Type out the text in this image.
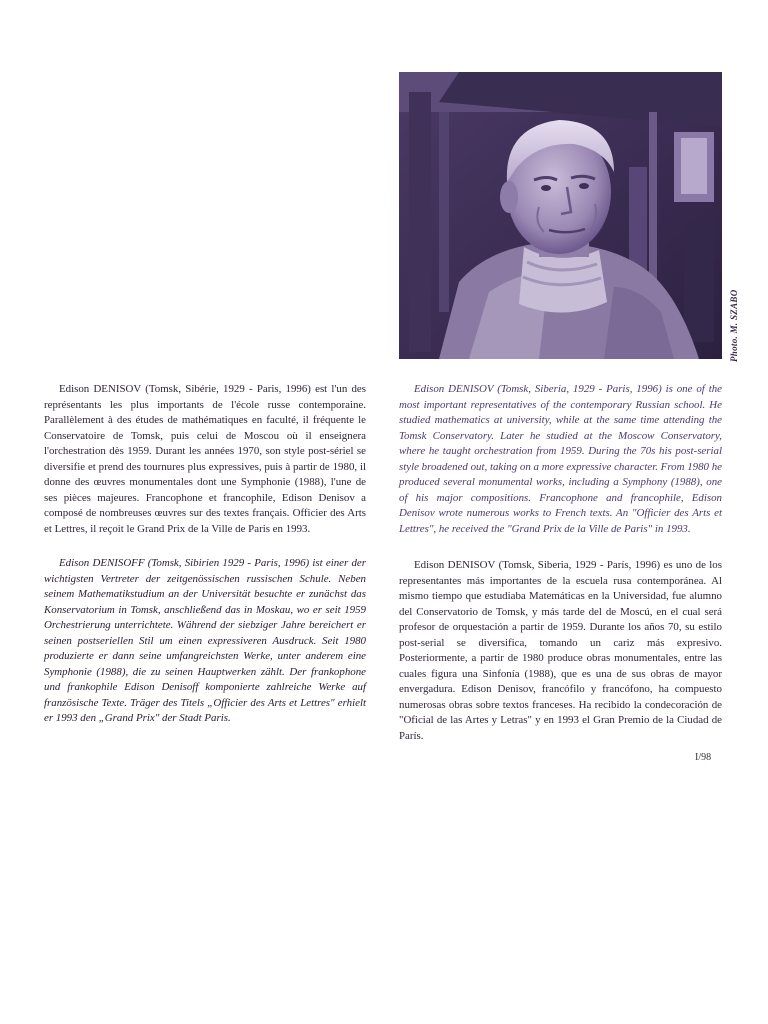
Photo. M. SZABO

Edison DENISOV (Tomsk, Sibérie, 1929 - Paris, 1996) est l'un des représentants les plus importants de l'école russe contemporaine. Parallèlement à des études de mathématiques en faculté, il fréquente le Conservatoire de Tomsk, puis celui de Moscou où il enseignera l'orchestration dès 1959. Durant les années 1970, son style post-sériel se diversifie et prend des tournures plus expressives, puis à partir de 1980, il donne des œuvres monumentales dont une Symphonie (1988), l'une de ses pièces majeures. Francophone et francophile, Edison Denisov a composé de nombreuses œuvres sur des textes français. Officier des Arts et Lettres, il reçoit le Grand Prix de la Ville de Paris en 1993.

Edison DENISOFF (Tomsk, Sibirien 1929 - Paris, 1996) ist einer der wichtigsten Vertreter der zeitgenössischen russischen Schule. Neben seinem Mathematikstudium an der Universität besuchte er zunächst das Konservatorium in Tomsk, anschließend das in Moskau, wo er seit 1959 Orchestrierung unterrichtete. Während der siebziger Jahre bereichert er seinen postseriellen Stil um einen expressiveren Ausdruck. Seit 1980 produzierte er dann seine umfangreichsten Werke, unter anderem eine Symphonie (1988), die zu seinen Hauptwerken zählt. Der frankophone und frankophile Edison Denisoff komponierte zahlreiche Werke auf französische Texte. Träger des Titels „Officier des Arts et Lettres" erhielt er 1993 den „Grand Prix" der Stadt Paris.

Edison DENISOV (Tomsk, Siberia, 1929 - Paris, 1996) is one of the most important representatives of the contemporary Russian school. He studied mathematics at university, while at the same time attending the Tomsk Conservatory. Later he studied at the Moscow Conservatory, where he taught orchestration from 1959. During the 70s his post-serial style broadened out, taking on a more expressive character. From 1980 he produced several monumental works, including a Symphony (1988), one of his major compositions. Francophone and francophile, Edison Denisov wrote numerous works to French texts. An "Officier des Arts et Lettres", he received the "Grand Prix de la Ville de Paris" in 1993.

Edison DENISOV (Tomsk, Siberia, 1929 - París, 1996) es uno de los representantes más importantes de la escuela rusa contemporánea. Al mismo tiempo que estudiaba Matemáticas en la Universidad, fue alumno del Conservatorio de Tomsk, y más tarde del de Moscú, en el cual será profesor de orquestación a partir de 1959. Durante los años 70, su estilo post-serial se diversifica, tomando un cariz más expresivo. Posteriormente, a partir de 1980 produce obras monumentales, entre las cuales figura una Sinfonía (1988), que es una de sus obras de mayor envergadura. Edison Denisov, francófilo y francófono, ha compuesto numerosas obras sobre textos franceses. Ha recibido la condecoración de "Oficial de las Artes y Letras" y en 1993 el Gran Premio de la Ciudad de París.

I/98
